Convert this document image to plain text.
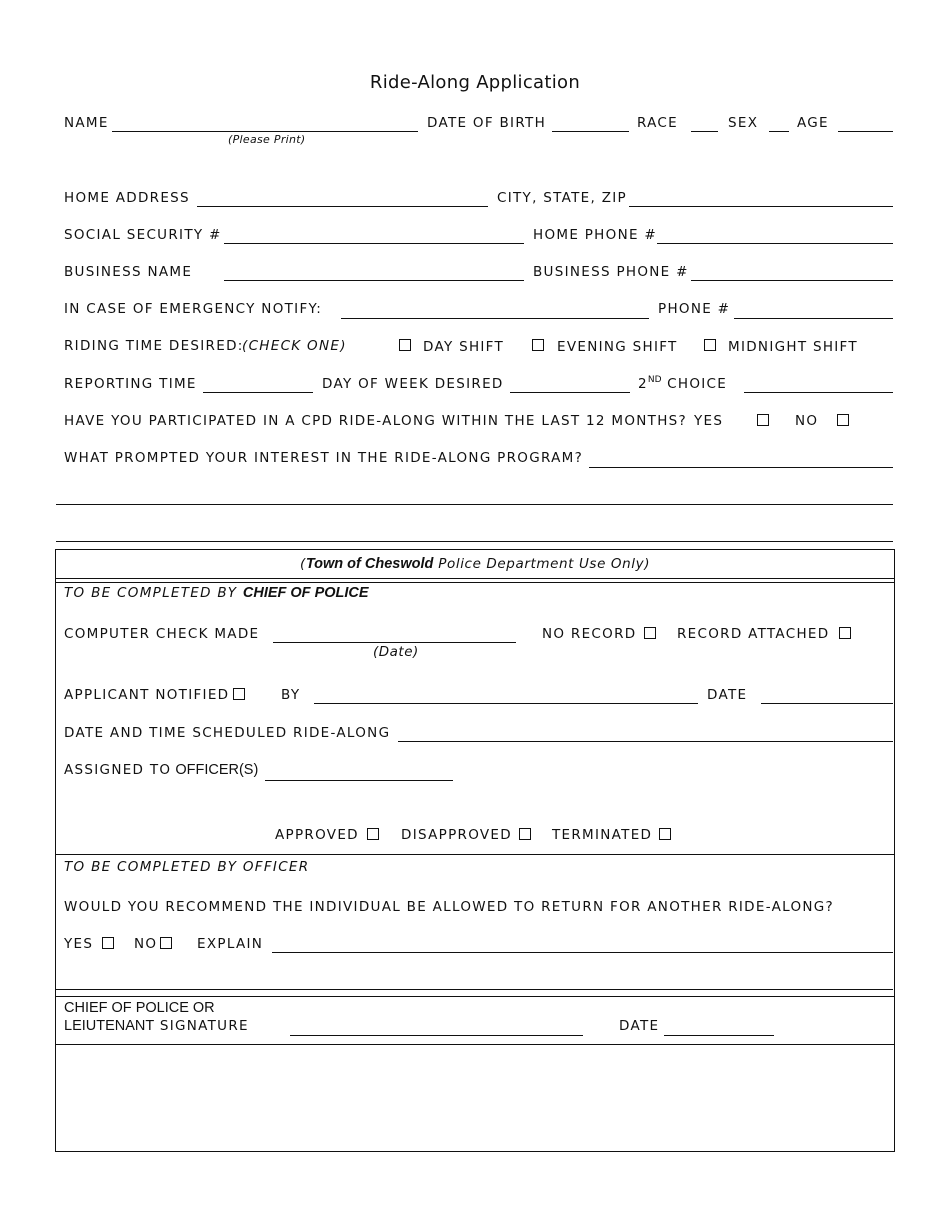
Ride-Along Application
NAME
(Please Print)
DATE OF BIRTH	RACE	SEX	AGE
HOME ADDRESS	CITY, STATE, ZIP
SOCIAL SECURITY #	HOME PHONE #
BUSINESS NAME	BUSINESS PHONE #
IN CASE OF EMERGENCY NOTIFY:	PHONE #
RIDING TIME DESIRED:
(CHECK ONE)	DAY SHIFT	EVENING SHIFT	MIDNIGHT SHIFT
REPORTING TIME	DAY OF WEEK DESIRED	2ND CHOICE
HAVE YOU PARTICIPATED IN A CPD RIDE-ALONG WITHIN THE LAST 12 MONTHS? YES	NO
WHAT PROMPTED YOUR INTEREST IN THE RIDE-ALONG PROGRAM?
(Town of Cheswold Police Department Use Only)
TO BE COMPLETED BY CHIEF OF POLICE
COMPUTER CHECK MADE
(Date)
NO RECORD	RECORD ATTACHED
APPLICANT NOTIFIED	BY	DATE
DATE AND TIME SCHEDULED RIDE-ALONG
ASSIGNED TO OFFICER(S)
APPROVED	DISAPPROVED	TERMINATED
TO BE COMPLETED BY OFFICER
WOULD YOU RECOMMEND THE INDIVIDUAL BE ALLOWED TO RETURN FOR ANOTHER RIDE-ALONG?
YES	NO	EXPLAIN
CHIEF OF POLICE OR
LEIUTENANT SIGNATURE	DATE
